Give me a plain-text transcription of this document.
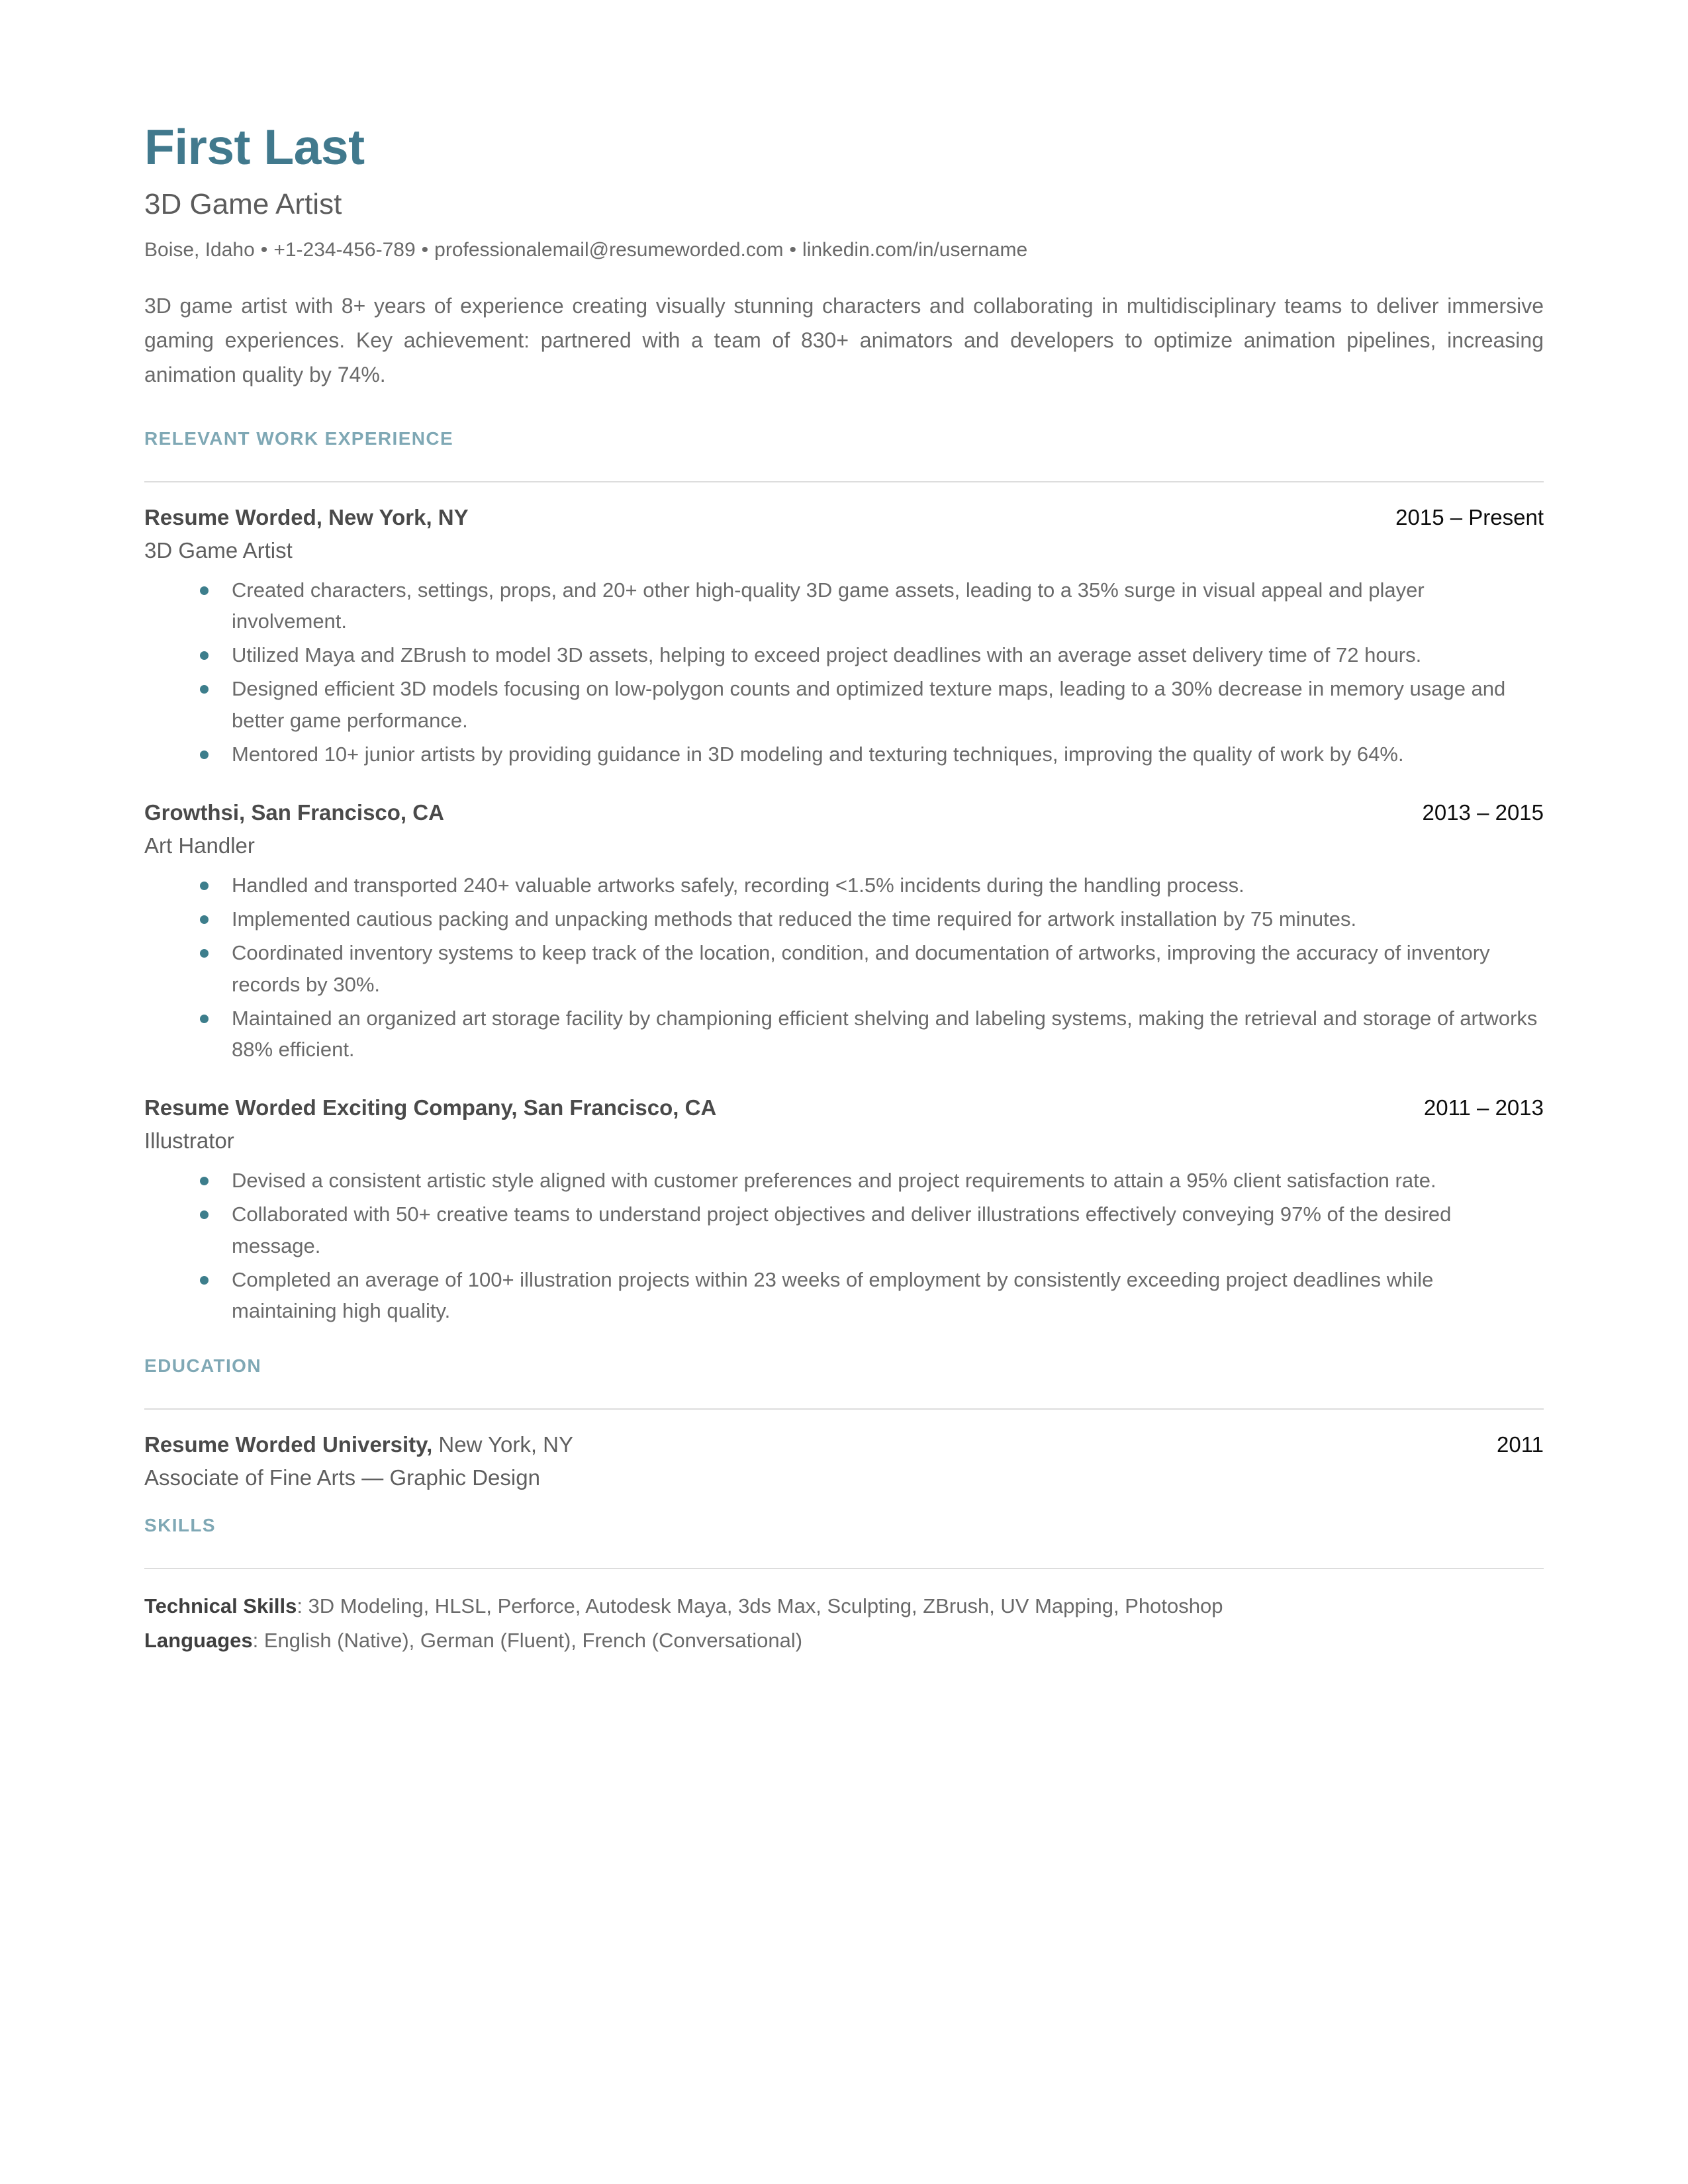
First Last
3D Game Artist
Boise, Idaho • +1-234-456-789 • professionalemail@resumeworded.com • linkedin.com/in/username

3D game artist with 8+ years of experience creating visually stunning characters and collaborating in multidisciplinary teams to deliver immersive gaming experiences. Key achievement: partnered with a team of 830+ animators and developers to optimize animation pipelines, increasing animation quality by 74%.

RELEVANT WORK EXPERIENCE
Resume Worded, New York, NY	2015 – Present
3D Game Artist
Created characters, settings, props, and 20+ other high-quality 3D game assets, leading to a 35% surge in visual appeal and player involvement.
Utilized Maya and ZBrush to model 3D assets, helping to exceed project deadlines with an average asset delivery time of 72 hours.
Designed efficient 3D models focusing on low-polygon counts and optimized texture maps, leading to a 30% decrease in memory usage and better game performance.
Mentored 10+ junior artists by providing guidance in 3D modeling and texturing techniques, improving the quality of work by 64%.
Growthsi, San Francisco, CA	2013 – 2015
Art Handler
Handled and transported 240+ valuable artworks safely, recording <1.5% incidents during the handling process.
Implemented cautious packing and unpacking methods that reduced the time required for artwork installation by 75 minutes.
Coordinated inventory systems to keep track of the location, condition, and documentation of artworks, improving the accuracy of inventory records by 30%.
Maintained an organized art storage facility by championing efficient shelving and labeling systems, making the retrieval and storage of artworks 88% efficient.
Resume Worded Exciting Company, San Francisco, CA	2011 – 2013
Illustrator
Devised a consistent artistic style aligned with customer preferences and project requirements to attain a 95% client satisfaction rate.
Collaborated with 50+ creative teams to understand project objectives and deliver illustrations effectively conveying 97% of the desired message.
Completed an average of 100+ illustration projects within 23 weeks of employment by consistently exceeding project deadlines while maintaining high quality.
EDUCATION
Resume Worded University, New York, NY	2011
Associate of Fine Arts — Graphic Design
SKILLS
Technical Skills: 3D Modeling, HLSL, Perforce, Autodesk Maya, 3ds Max, Sculpting, ZBrush, UV Mapping, Photoshop
Languages: English (Native), German (Fluent), French (Conversational)
